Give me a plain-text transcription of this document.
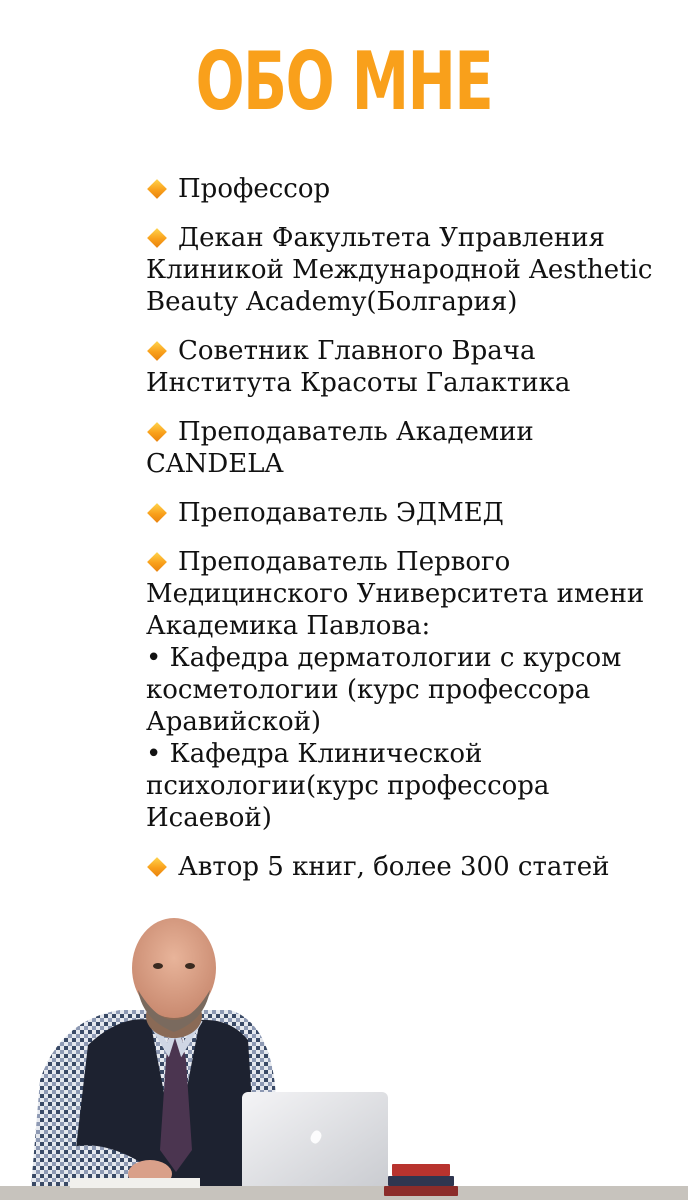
ОБО МНЕ
Профессор
Декан Факультета Управления Клиникой Международной Aesthetic Beauty Academy(Болгария)
Советник Главного Врача Института Красоты Галактика
Преподаватель Академии CANDELA
Преподаватель ЭДМЕД
Преподаватель Первого Медицинского Университета имени Академика Павлова:
• Кафедра дерматологии с курсом косметологии (курс профессора Аравийской)
• Кафедра Клинической психологии(курс профессора Исаевой)
Автор 5 книг, более 300 статей
